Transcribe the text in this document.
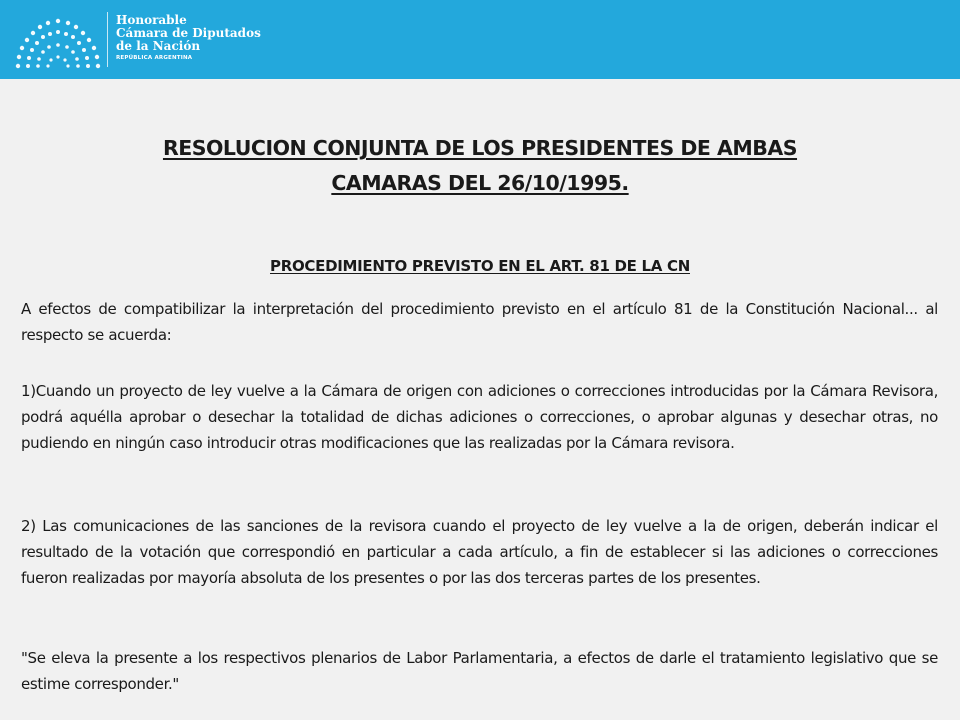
Honorable
Cámara de Diputados
de la Nación
REPÚBLICA ARGENTINA
RESOLUCION CONJUNTA DE LOS PRESIDENTES DE AMBAS
CAMARAS DEL 26/10/1995.
PROCEDIMIENTO PREVISTO EN EL ART. 81 DE LA CN

A efectos de compatibilizar la interpretación del procedimiento previsto en el artículo 81 de la Constitución Nacional... al respecto se acuerda:

1)Cuando un proyecto de ley vuelve a la Cámara de origen con adiciones o correcciones introducidas por la Cámara Revisora, podrá aquélla aprobar o desechar la totalidad de dichas adiciones o correcciones, o aprobar algunas y desechar otras, no pudiendo en ningún caso introducir otras modificaciones que las realizadas por la Cámara revisora.

2) Las comunicaciones de las sanciones de la revisora cuando el proyecto de ley vuelve a la de origen, deberán indicar el resultado de la votación que correspondió en particular a cada artículo, a fin de establecer si las adiciones o correcciones fueron realizadas por mayoría absoluta de los presentes o por las dos terceras partes de los presentes.

"Se eleva la presente a los respectivos plenarios de Labor Parlamentaria, a efectos de darle el tratamiento legislativo que se estime corresponder."
